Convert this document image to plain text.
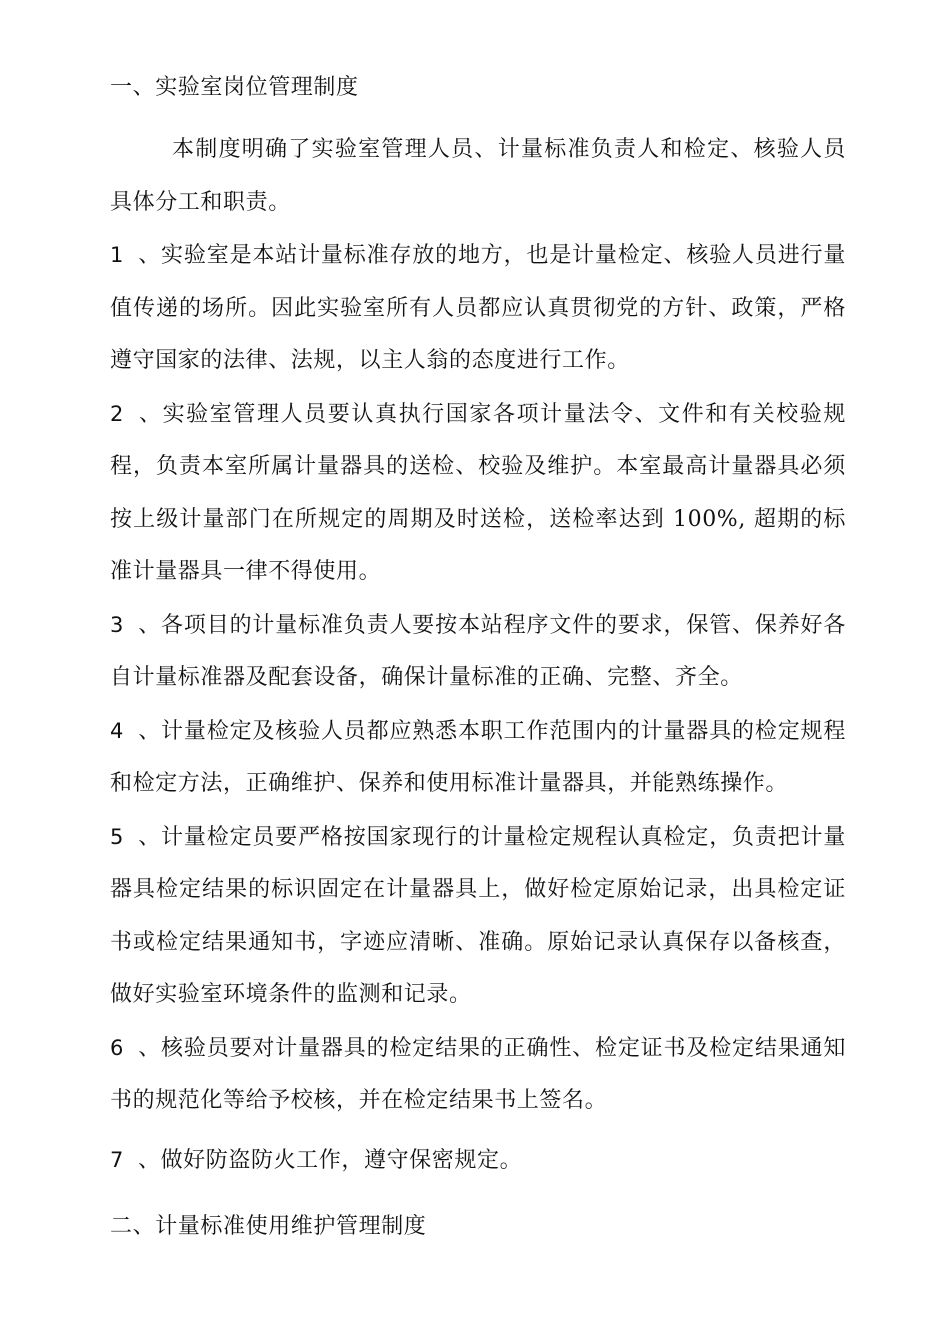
一、实验室岗位管理制度

本制度明确了实验室管理人员、计量标准负责人和检定、核验人员具体分工和职责。

1 、实验室是本站计量标准存放的地方，也是计量检定、核验人员进行量值传递的场所。因此实验室所有人员都应认真贯彻党的方针、政策，严格遵守国家的法律、法规，以主人翁的态度进行工作。

2 、实验室管理人员要认真执行国家各项计量法令、文件和有关校验规程，负责本室所属计量器具的送检、校验及维护。本室最高计量器具必须按上级计量部门在所规定的周期及时送检，送检率达到 100%, 超期的标准计量器具一律不得使用。

3 、各项目的计量标准负责人要按本站程序文件的要求，保管、保养好各自计量标准器及配套设备，确保计量标准的正确、完整、齐全。

4 、计量检定及核验人员都应熟悉本职工作范围内的计量器具的检定规程和检定方法，正确维护、保养和使用标准计量器具，并能熟练操作。

5 、计量检定员要严格按国家现行的计量检定规程认真检定，负责把计量器具检定结果的标识固定在计量器具上，做好检定原始记录，出具检定证书或检定结果通知书，字迹应清晰、准确。原始记录认真保存以备核查，做好实验室环境条件的监测和记录。

6 、核验员要对计量器具的检定结果的正确性、检定证书及检定结果通知书的规范化等给予校核，并在检定结果书上签名。

7 、做好防盗防火工作，遵守保密规定。

二、计量标准使用维护管理制度
